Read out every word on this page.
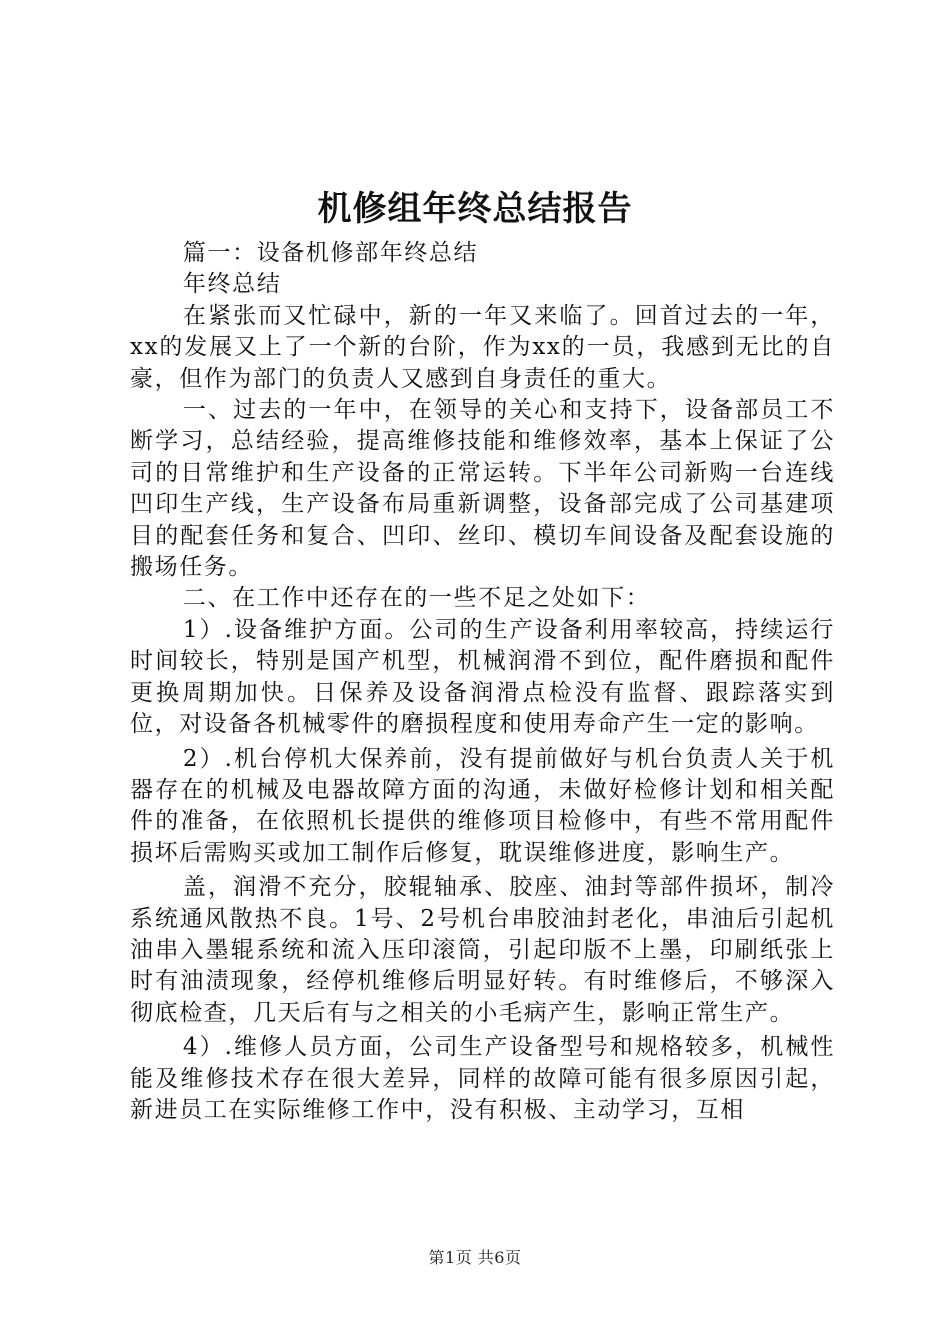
机修组年终总结报告

篇一：设备机修部年终总结

年终总结

在紧张而又忙碌中，新的一年又来临了。回首过去的一年，xx的发展又上了一个新的台阶，作为xx的一员，我感到无比的自豪，但作为部门的负责人又感到自身责任的重大。

一、过去的一年中，在领导的关心和支持下，设备部员工不断学习，总结经验，提高维修技能和维修效率，基本上保证了公司的日常维护和生产设备的正常运转。下半年公司新购一台连线凹印生产线，生产设备布局重新调整，设备部完成了公司基建项目的配套任务和复合、凹印、丝印、模切车间设备及配套设施的搬场任务。

二、在工作中还存在的一些不足之处如下：

1）.设备维护方面。公司的生产设备利用率较高，持续运行时间较长，特别是国产机型，机械润滑不到位，配件磨损和配件更换周期加快。日保养及设备润滑点检没有监督、跟踪落实到位，对设备各机械零件的磨损程度和使用寿命产生一定的影响。

2）.机台停机大保养前，没有提前做好与机台负责人关于机器存在的机械及电器故障方面的沟通，未做好检修计划和相关配件的准备，在依照机长提供的维修项目检修中，有些不常用配件损坏后需购买或加工制作后修复，耽误维修进度，影响生产。

盖，润滑不充分，胶辊轴承、胶座、油封等部件损坏，制冷系统通风散热不良。1号、2号机台串胶油封老化，串油后引起机油串入墨辊系统和流入压印滚筒，引起印版不上墨，印刷纸张上时有油渍现象，经停机维修后明显好转。有时维修后，不够深入彻底检查，几天后有与之相关的小毛病产生，影响正常生产。

4）.维修人员方面，公司生产设备型号和规格较多，机械性能及维修技术存在很大差异，同样的故障可能有很多原因引起，新进员工在实际维修工作中，没有积极、主动学习，互相

第1页 共6页
